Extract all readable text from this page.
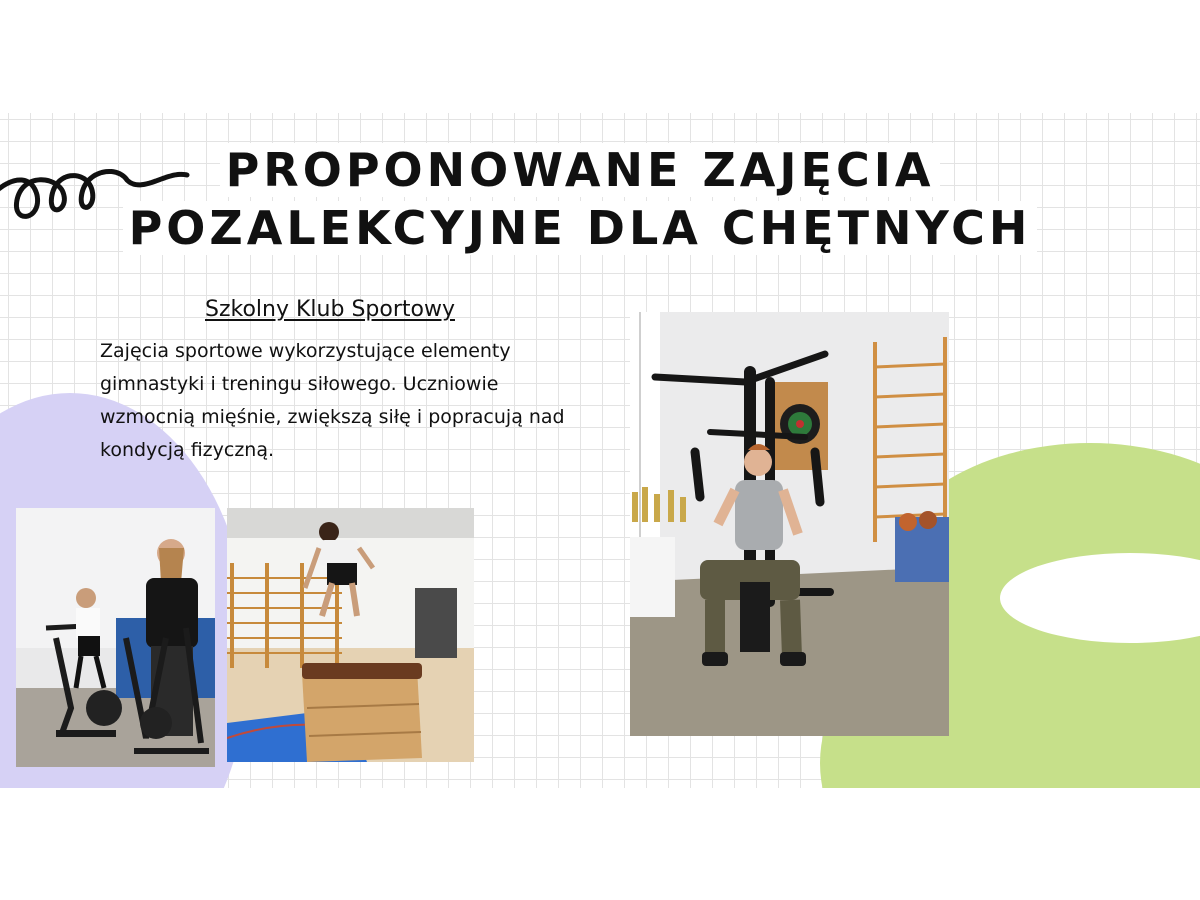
PROPONOWANE ZAJĘCIA
POZALEKCYJNE DLA CHĘTNYCH
Szkolny Klub Sportowy
Zajęcia sportowe wykorzystujące elementy gimnastyki i treningu siłowego. Uczniowie wzmocnią mięśnie, zwiększą siłę i popracują nad kondycją fizyczną.
